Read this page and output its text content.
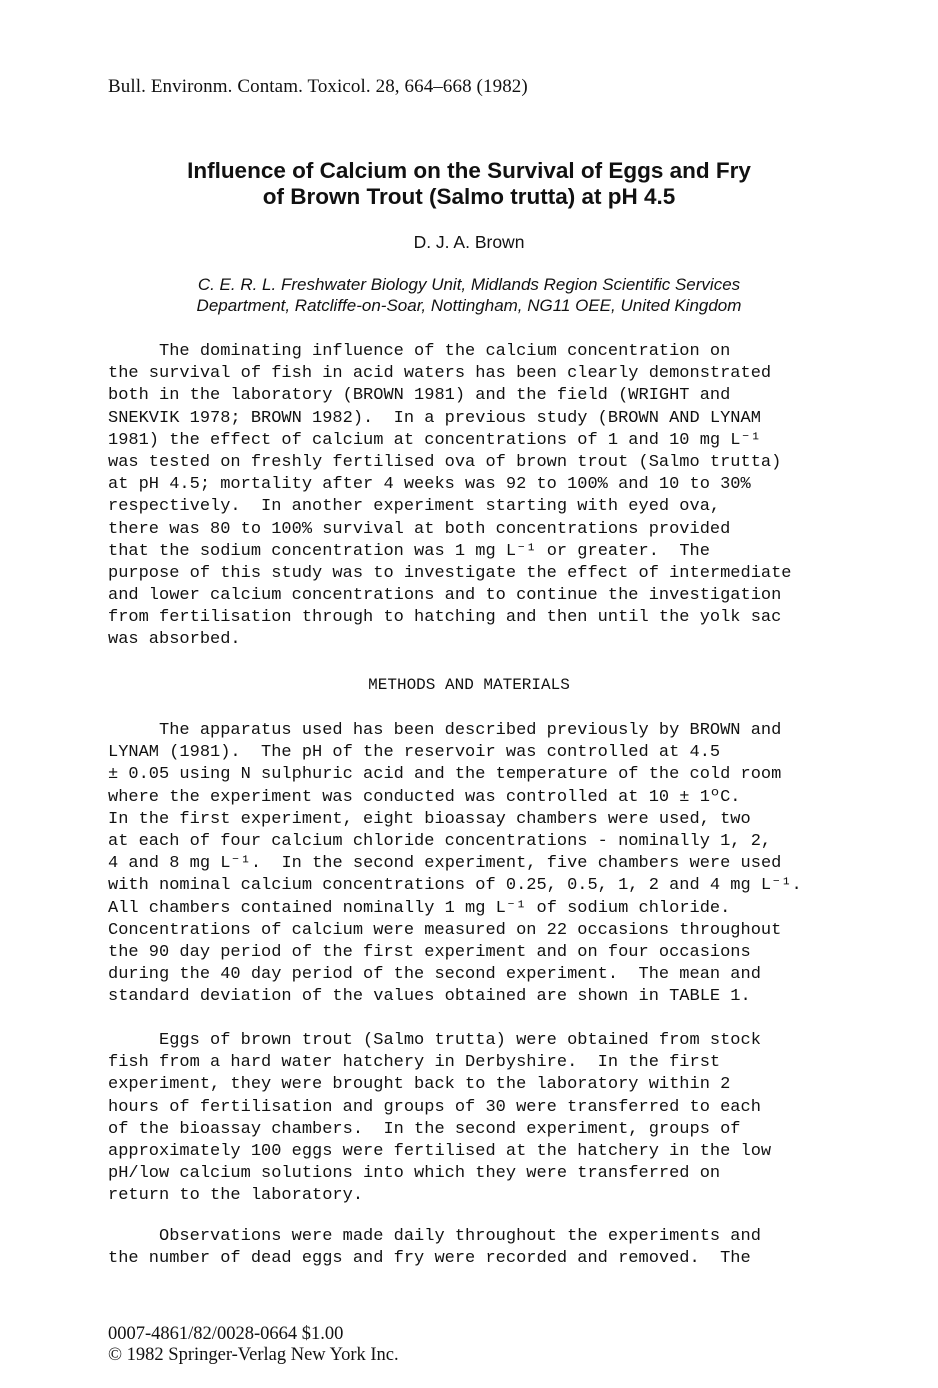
Bull. Environm. Contam. Toxicol. 28, 664–668 (1982)
Influence of Calcium on the Survival of Eggs and Fry
of Brown Trout (Salmo trutta) at pH 4.5
D. J. A. Brown
C. E. R. L. Freshwater Biology Unit, Midlands Region Scientific Services
Department, Ratcliffe-on-Soar, Nottingham, NG11 OEE, United Kingdom
The dominating influence of the calcium concentration on
the survival of fish in acid waters has been clearly demonstrated
both in the laboratory (BROWN 1981) and the field (WRIGHT and
SNEKVIK 1978; BROWN 1982).  In a previous study (BROWN AND LYNAM
1981) the effect of calcium at concentrations of 1 and 10 mg L⁻¹
was tested on freshly fertilised ova of brown trout (Salmo trutta)
at pH 4.5; mortality after 4 weeks was 92 to 100% and 10 to 30%
respectively.  In another experiment starting with eyed ova,
there was 80 to 100% survival at both concentrations provided
that the sodium concentration was 1 mg L⁻¹ or greater.  The
purpose of this study was to investigate the effect of intermediate
and lower calcium concentrations and to continue the investigation
from fertilisation through to hatching and then until the yolk sac
was absorbed.
METHODS AND MATERIALS
The apparatus used has been described previously by BROWN and
LYNAM (1981).  The pH of the reservoir was controlled at 4.5
± 0.05 using N sulphuric acid and the temperature of the cold room
where the experiment was conducted was controlled at 10 ± 1ºC.
In the first experiment, eight bioassay chambers were used, two
at each of four calcium chloride concentrations - nominally 1, 2,
4 and 8 mg L⁻¹.  In the second experiment, five chambers were used
with nominal calcium concentrations of 0.25, 0.5, 1, 2 and 4 mg L⁻¹.
All chambers contained nominally 1 mg L⁻¹ of sodium chloride.
Concentrations of calcium were measured on 22 occasions throughout
the 90 day period of the first experiment and on four occasions
during the 40 day period of the second experiment.  The mean and
standard deviation of the values obtained are shown in TABLE 1.
Eggs of brown trout (Salmo trutta) were obtained from stock
fish from a hard water hatchery in Derbyshire.  In the first
experiment, they were brought back to the laboratory within 2
hours of fertilisation and groups of 30 were transferred to each
of the bioassay chambers.  In the second experiment, groups of
approximately 100 eggs were fertilised at the hatchery in the low
pH/low calcium solutions into which they were transferred on
return to the laboratory.
Observations were made daily throughout the experiments and
the number of dead eggs and fry were recorded and removed.  The
0007-4861/82/0028-0664 $1.00
© 1982 Springer-Verlag New York Inc.
